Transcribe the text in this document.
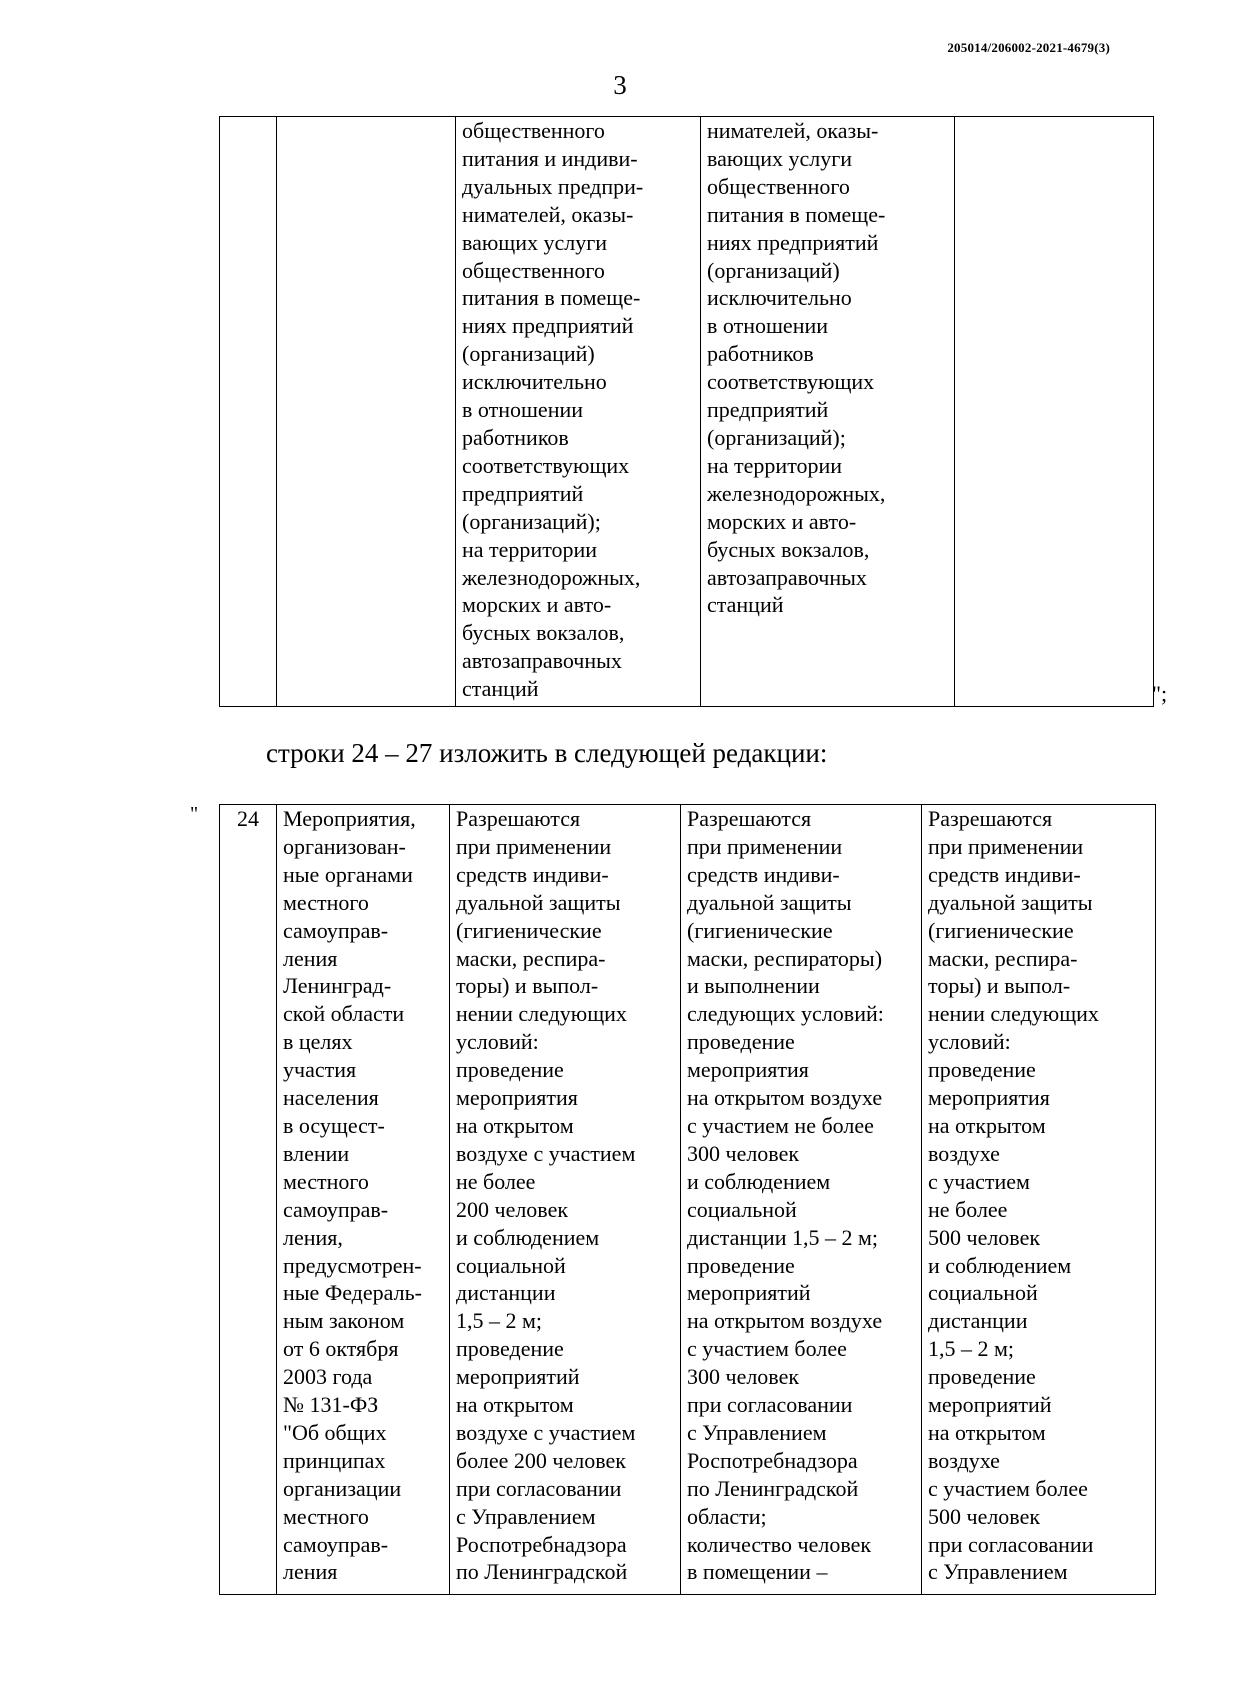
205014/206002-2021-4679(3)
3
		общественного
питания и индиви-
дуальных предпри-
нимателей, оказы-
вающих услуги
общественного
питания в помеще-
ниях предприятий
(организаций)
исключительно
в отношении
работников
соответствующих
предприятий
(организаций);
на территории
железнодорожных,
морских и авто-
бусных вокзалов,
автозаправочных
станций	нимателей, оказы-
вающих услуги
общественного
питания в помеще-
ниях предприятий
(организаций)
исключительно
в отношении
работников
соответствующих
предприятий
(организаций);
на территории
железнодорожных,
морских и авто-
бусных вокзалов,
автозаправочных
станций	
";
строки 24 – 27 изложить в следующей редакции:
" 24	Мероприятия,
организован-
ные органами
местного
самоуправ-
ления
Ленинград-
ской области
в целях
участия
населения
в осущест-
влении
местного
самоуправ-
ления,
предусмотрен-
ные Федераль-
ным законом
от 6 октября
2003 года
№ 131-ФЗ
"Об общих
принципах
организации
местного
самоуправ-
ления	Разрешаются
при применении
средств индиви-
дуальной защиты
(гигиенические
маски, респира-
торы) и выпол-
нении следующих
условий:
проведение
мероприятия
на открытом
воздухе с участием
не более
200 человек
и соблюдением
социальной
дистанции
1,5 – 2 м;
проведение
мероприятий
на открытом
воздухе с участием
более 200 человек
при согласовании
с Управлением
Роспотребнадзора
по Ленинградской	Разрешаются
при применении
средств индиви-
дуальной защиты
(гигиенические
маски, респираторы)
и выполнении
следующих условий:
проведение
мероприятия
на открытом воздухе
с участием не более
300 человек
и соблюдением
социальной
дистанции 1,5 – 2 м;
проведение
мероприятий
на открытом воздухе
с участием более
300 человек
при согласовании
с Управлением
Роспотребнадзора
по Ленинградской
области;
количество человек
в помещении –	Разрешаются
при применении
средств индиви-
дуальной защиты
(гигиенические
маски, респира-
торы) и выпол-
нении следующих
условий:
проведение
мероприятия
на открытом
воздухе
с участием
не более
500 человек
и соблюдением
социальной
дистанции
1,5 – 2 м;
проведение
мероприятий
на открытом
воздухе
с участием более
500 человек
при согласовании
с Управлением
